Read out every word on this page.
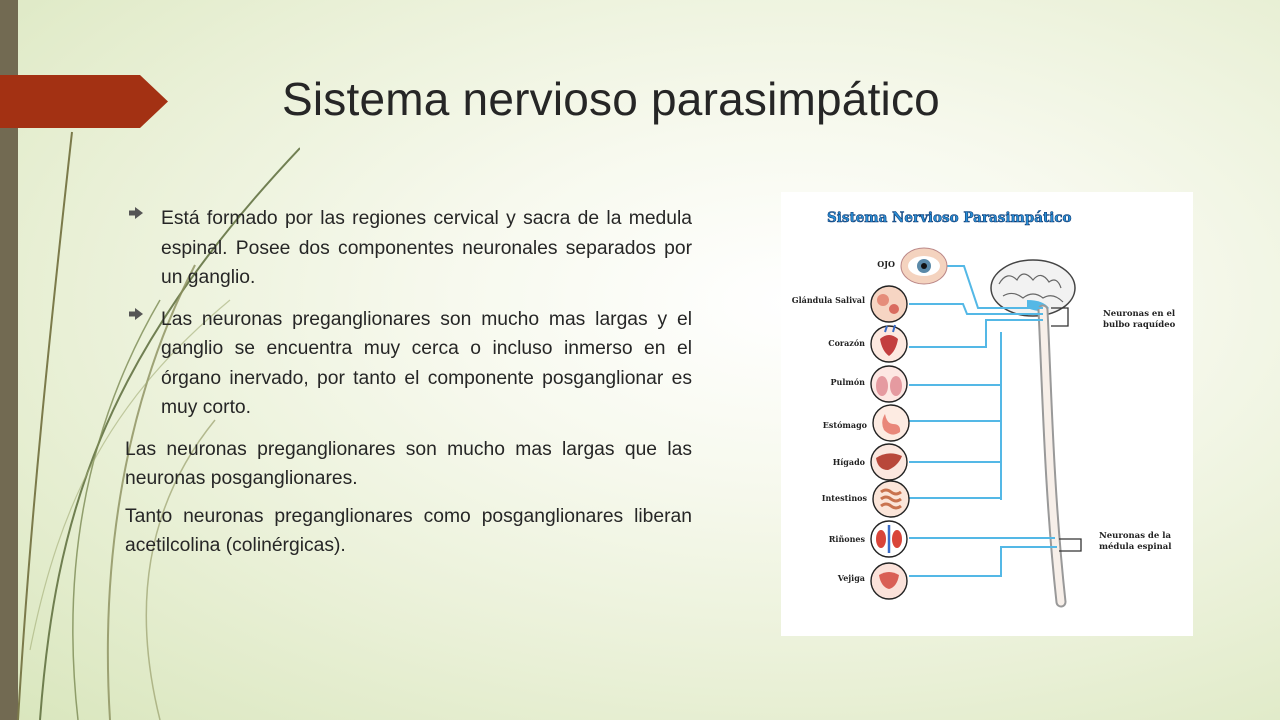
Sistema nervioso parasimpático
Está formado por las regiones cervical y sacra de la medula espinal. Posee dos componentes neuronales separados por un ganglio.
Las neuronas preganglionares son mucho mas largas y el ganglio se encuentra muy cerca o incluso inmerso en el órgano inervado, por tanto el componente posganglionar es muy corto.
Las neuronas preganglionares son mucho mas largas que las neuronas posganglionares.
Tanto neuronas preganglionares como posganglionares liberan acetilcolina (colinérgicas).
Sistema Nervioso Parasimpático
Neuronas en el
bulbo raquídeo
Neuronas de la
médula espinal
OJO
Glándula Salival
Corazón
Pulmón
Estómago
Hígado
Intestinos
Riñones
Vejiga
